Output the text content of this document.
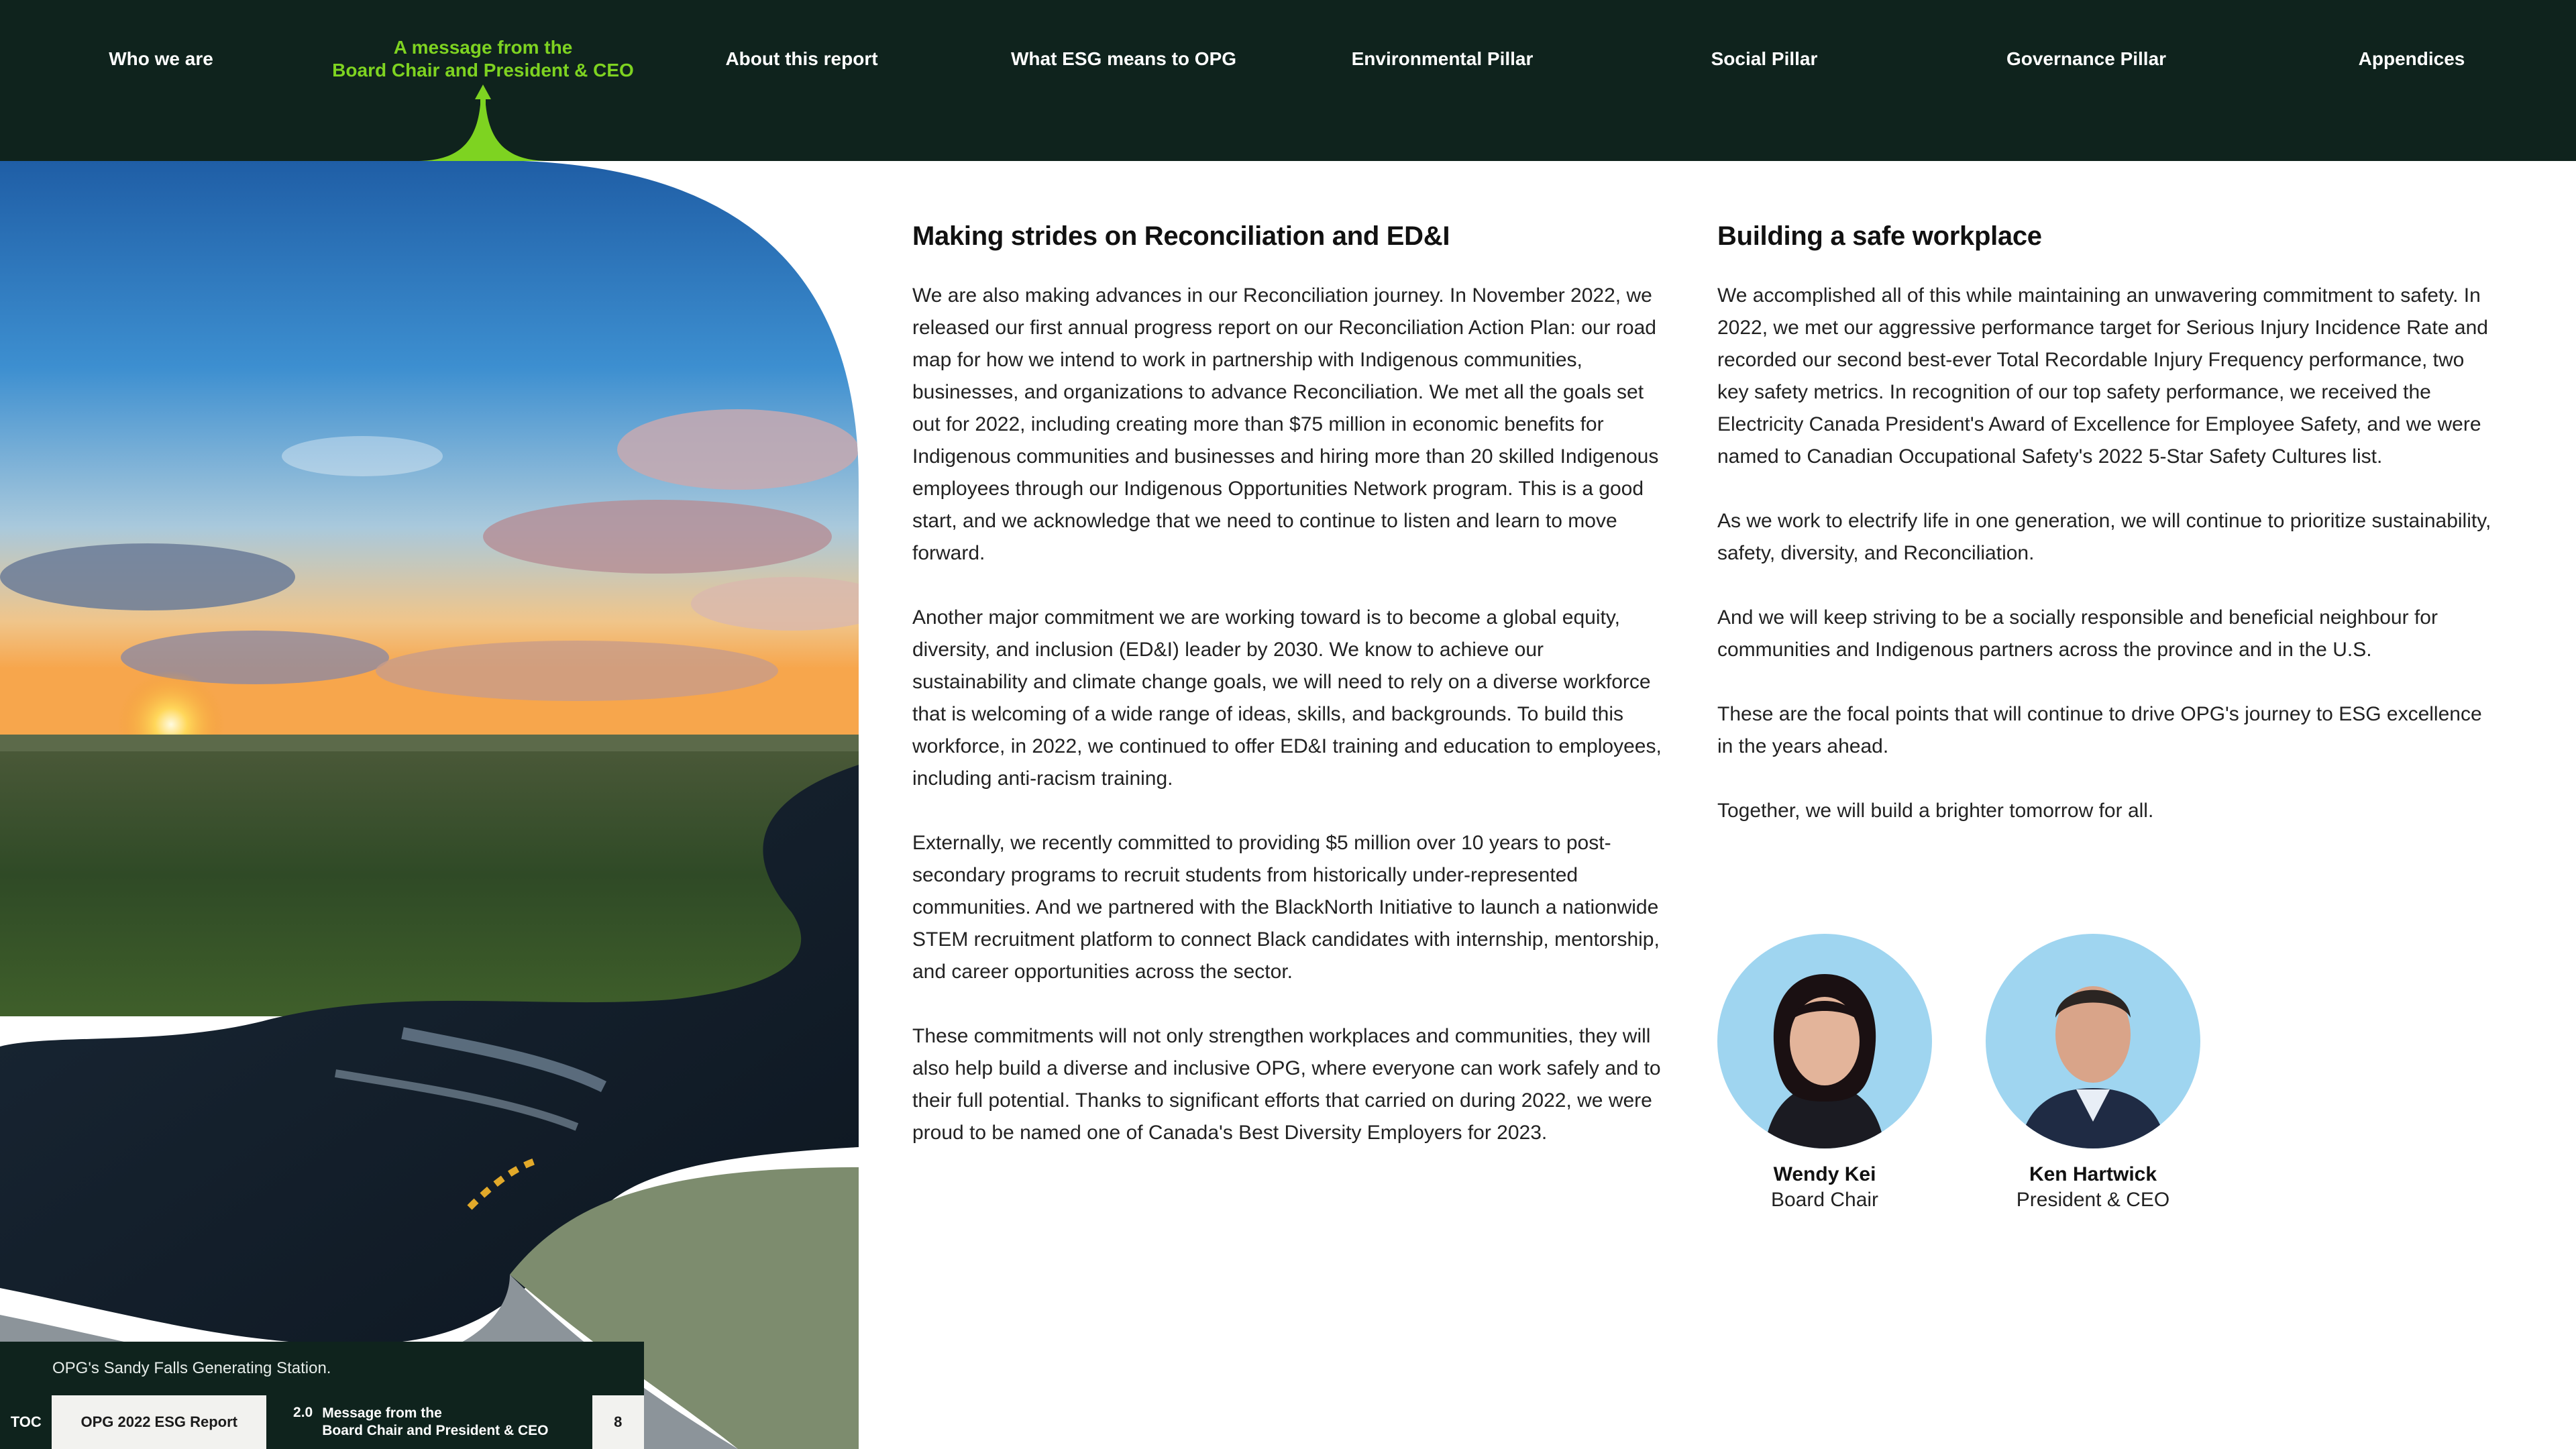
Who we are
A message from the
Board Chair and President & CEO
About this report	What ESG means to OPG	Environmental Pillar	Social Pillar	Governance Pillar	Appendices
OPG's Sandy Falls Generating Station.
TOC	OPG 2022 ESG Report
2.0 Message from the
Board Chair and President & CEO
8
Making strides on Reconciliation and ED&I

We are also making advances in our Reconciliation journey. In November 2022, we released our first annual progress report on our Reconciliation Action Plan: our road map for how we intend to work in partnership with Indigenous communities, businesses, and organizations to advance Reconciliation. We met all the goals set out for 2022, including creating more than $75 million in economic benefits for Indigenous communities and businesses and hiring more than 20 skilled Indigenous employees through our Indigenous Opportunities Network program. This is a good start, and we acknowledge that we need to continue to listen and learn to move forward.

Another major commitment we are working toward is to become a global equity, diversity, and inclusion (ED&I) leader by 2030. We know to achieve our sustainability and climate change goals, we will need to rely on a diverse workforce that is welcoming of a wide range of ideas, skills, and backgrounds. To build this workforce, in 2022, we continued to offer ED&I training and education to employees, including anti-racism training.

Externally, we recently committed to providing $5 million over 10 years to post-secondary programs to recruit students from historically under-represented communities. And we partnered with the BlackNorth Initiative to launch a nationwide STEM recruitment platform to connect Black candidates with internship, mentorship, and career opportunities across the sector.

These commitments will not only strengthen workplaces and communities, they will also help build a diverse and inclusive OPG, where everyone can work safely and to their full potential. Thanks to significant efforts that carried on during 2022, we were proud to be named one of Canada's Best Diversity Employers for 2023.

Building a safe workplace

We accomplished all of this while maintaining an unwavering commitment to safety. In 2022, we met our aggressive performance target for Serious Injury Incidence Rate and recorded our second best-ever Total Recordable Injury Frequency performance, two key safety metrics. In recognition of our top safety performance, we received the Electricity Canada President's Award of Excellence for Employee Safety, and we were named to Canadian Occupational Safety's 2022 5-Star Safety Cultures list.

As we work to electrify life in one generation, we will continue to prioritize sustainability, safety, diversity, and Reconciliation.

And we will keep striving to be a socially responsible and beneficial neighbour for communities and Indigenous partners across the province and in the U.S.

These are the focal points that will continue to drive OPG's journey to ESG excellence in the years ahead.

Together, we will build a brighter tomorrow for all.

Wendy Kei
Board Chair
Ken Hartwick
President & CEO
